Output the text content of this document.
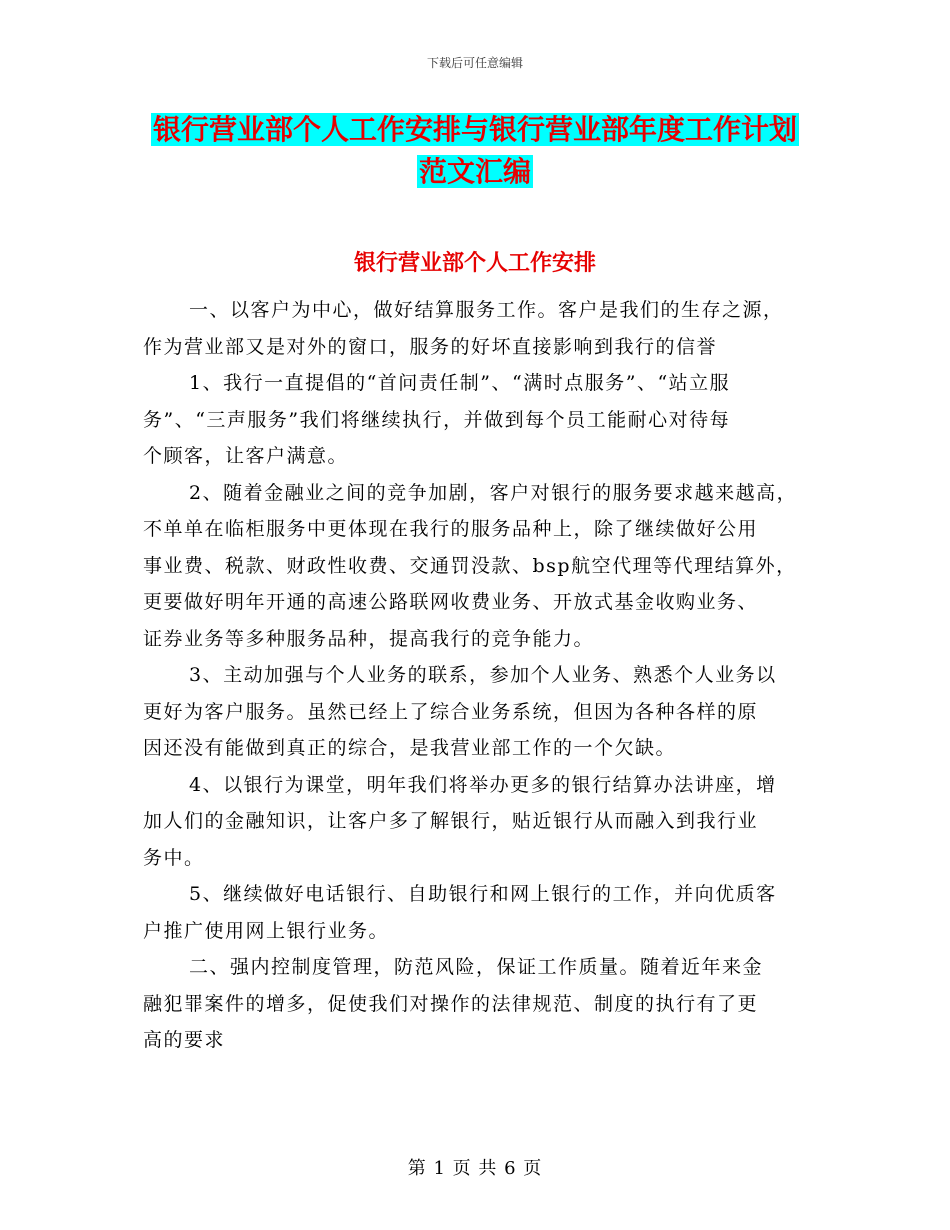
下载后可任意编辑
银行营业部个人工作安排与银行营业部年度工作计划
范文汇编
银行营业部个人工作安排

一、以客户为中心，做好结算服务工作。客户是我们的生存之源，
作为营业部又是对外的窗口，服务的好坏直接影响到我行的信誉

1、我行一直提倡的“首问责任制”、“满时点服务”、“站立服
务”、“三声服务”我们将继续执行，并做到每个员工能耐心对待每
个顾客，让客户满意。

2、随着金融业之间的竞争加剧，客户对银行的服务要求越来越高，
不单单在临柜服务中更体现在我行的服务品种上，除了继续做好公用
事业费、税款、财政性收费、交通罚没款、bsp航空代理等代理结算外，
更要做好明年开通的高速公路联网收费业务、开放式基金收购业务、
证券业务等多种服务品种，提高我行的竞争能力。

3、主动加强与个人业务的联系，参加个人业务、熟悉个人业务以
更好为客户服务。虽然已经上了综合业务系统，但因为各种各样的原
因还没有能做到真正的综合，是我营业部工作的一个欠缺。

4、以银行为课堂，明年我们将举办更多的银行结算办法讲座，增
加人们的金融知识，让客户多了解银行，贴近银行从而融入到我行业
务中。

5、继续做好电话银行、自助银行和网上银行的工作，并向优质客
户推广使用网上银行业务。

二、强内控制度管理，防范风险，保证工作质量。随着近年来金
融犯罪案件的增多，促使我们对操作的法律规范、制度的执行有了更
高的要求

第 1 页 共 6 页
